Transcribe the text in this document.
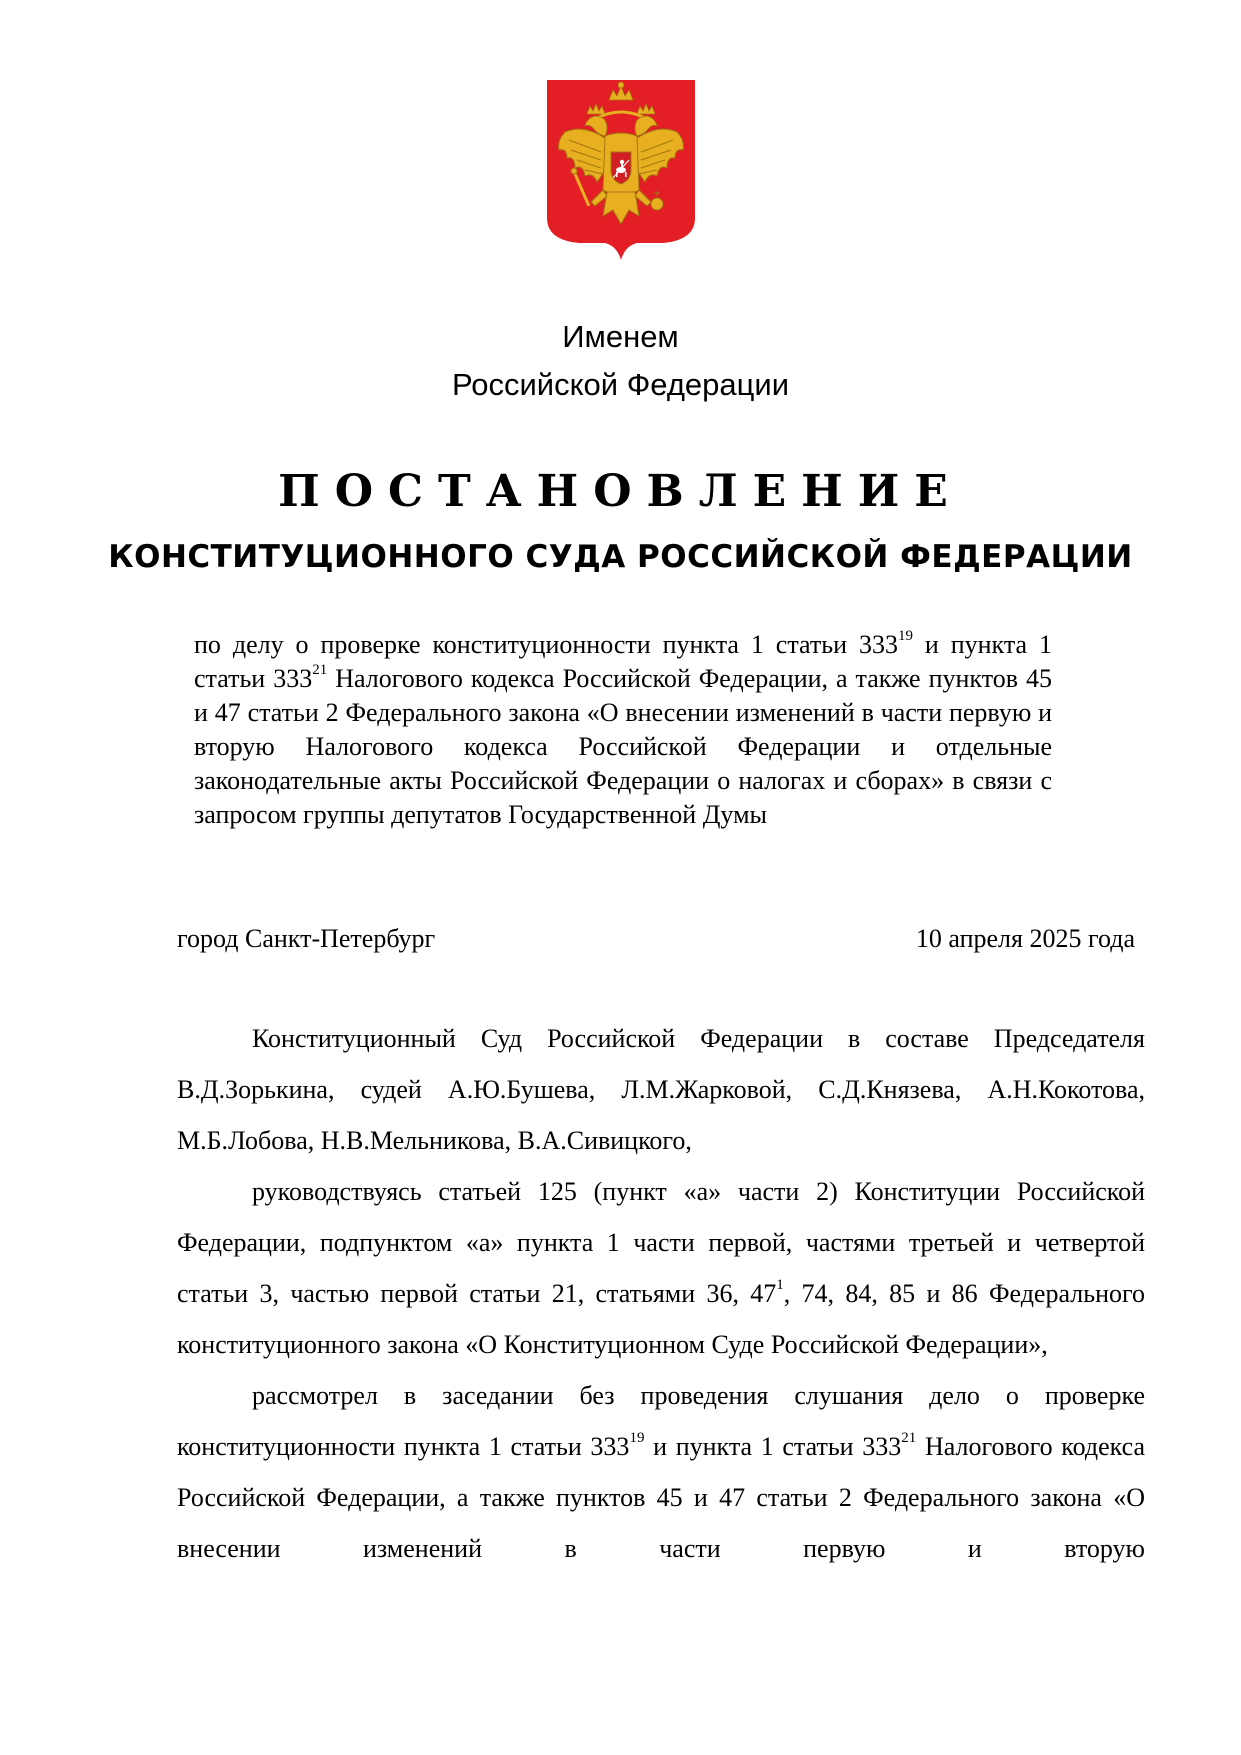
Именем
Российской Федерации
ПОСТАНОВЛЕНИЕ
КОНСТИТУЦИОННОГО СУДА РОССИЙСКОЙ ФЕДЕРАЦИИ
по делу о проверке конституционности пункта 1 статьи $333^{19}$ и пункта 1 статьи $333^{21}$ Налогового кодекса Российской Федерации, а также пунктов 45 и 47 статьи 2 Федерального закона «О внесении изменений в части первую и вторую Налогового кодекса Российской Федерации и отдельные законодательные акты Российской Федерации о налогах и сборах» в связи с запросом группы депутатов Государственной Думы
город Санкт-Петербург	10 апреля 2025 года

Конституционный Суд Российской Федерации в составе Председателя В.Д.Зорькина, судей А.Ю.Бушева, Л.М.Жарковой, С.Д.Князева, А.Н.Кокотова, М.Б.Лобова, Н.В.Мельникова, В.А.Сивицкого,

руководствуясь статьей 125 (пункт «а» части 2) Конституции Российской Федерации, подпунктом «а» пункта 1 части первой, частями третьей и четвертой статьи 3, частью первой статьи 21, статьями 36, $47^1$, 74, 84, 85 и 86 Федерального конституционного закона «О Конституционном Суде Российской Федерации»,

рассмотрел в заседании без проведения слушания дело о проверке конституционности пункта 1 статьи $333^{19}$ и пункта 1 статьи $333^{21}$ Налогового кодекса Российской Федерации, а также пунктов 45 и 47 статьи 2 Федерального закона «О внесении изменений в части первую и вторую
